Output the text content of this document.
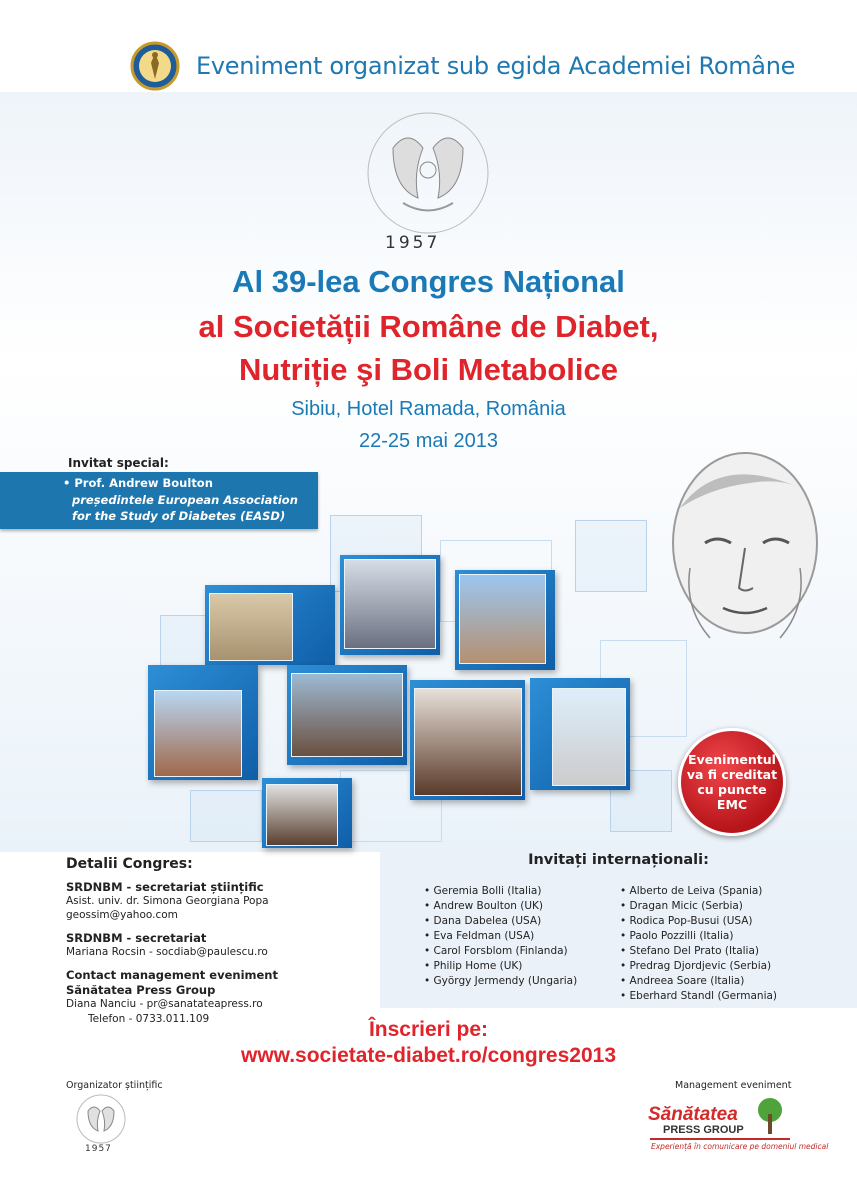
Eveniment organizat sub egida Academiei Române
1957
Al 39-lea Congres Național
al Societății Române de Diabet,
Nutriție şi Boli Metabolice
Sibiu, Hotel Ramada, România
22-25 mai 2013
Invitat special:
• Prof. Andrew Boulton
președintele European Association
for the Study of Diabetes (EASD)
Evenimentul
va fi creditat
cu puncte
EMC
Detalii Congres:
SRDNBM - secretariat științific
Asist. univ. dr. Simona Georgiana Popa
geossim@yahoo.com
SRDNBM - secretariat
Mariana Rocsin - socdiab@paulescu.ro
Contact management eveniment
Sănătatea Press Group
Diana Nanciu - pr@sanatateapress.ro
Telefon - 0733.011.109
Invitați internaționali:
• Geremia Bolli (Italia)
• Andrew Boulton (UK)
• Dana Dabelea (USA)
• Eva Feldman (USA)
• Carol Forsblom (Finlanda)
• Philip Home (UK)
• György Jermendy (Ungaria)
• Alberto de Leiva (Spania)
• Dragan Micic (Serbia)
• Rodica Pop-Busui (USA)
• Paolo Pozzilli (Italia)
• Stefano Del Prato (Italia)
• Predrag Djordjevic (Serbia)
• Andreea Soare (Italia)
• Eberhard Standl (Germania)
Înscrieri pe:
www.societate-diabet.ro/congres2013
Organizator științific
1957
Management eveniment
Sănătatea
PRESS GROUP
Experiență în comunicare pe domeniul medical
